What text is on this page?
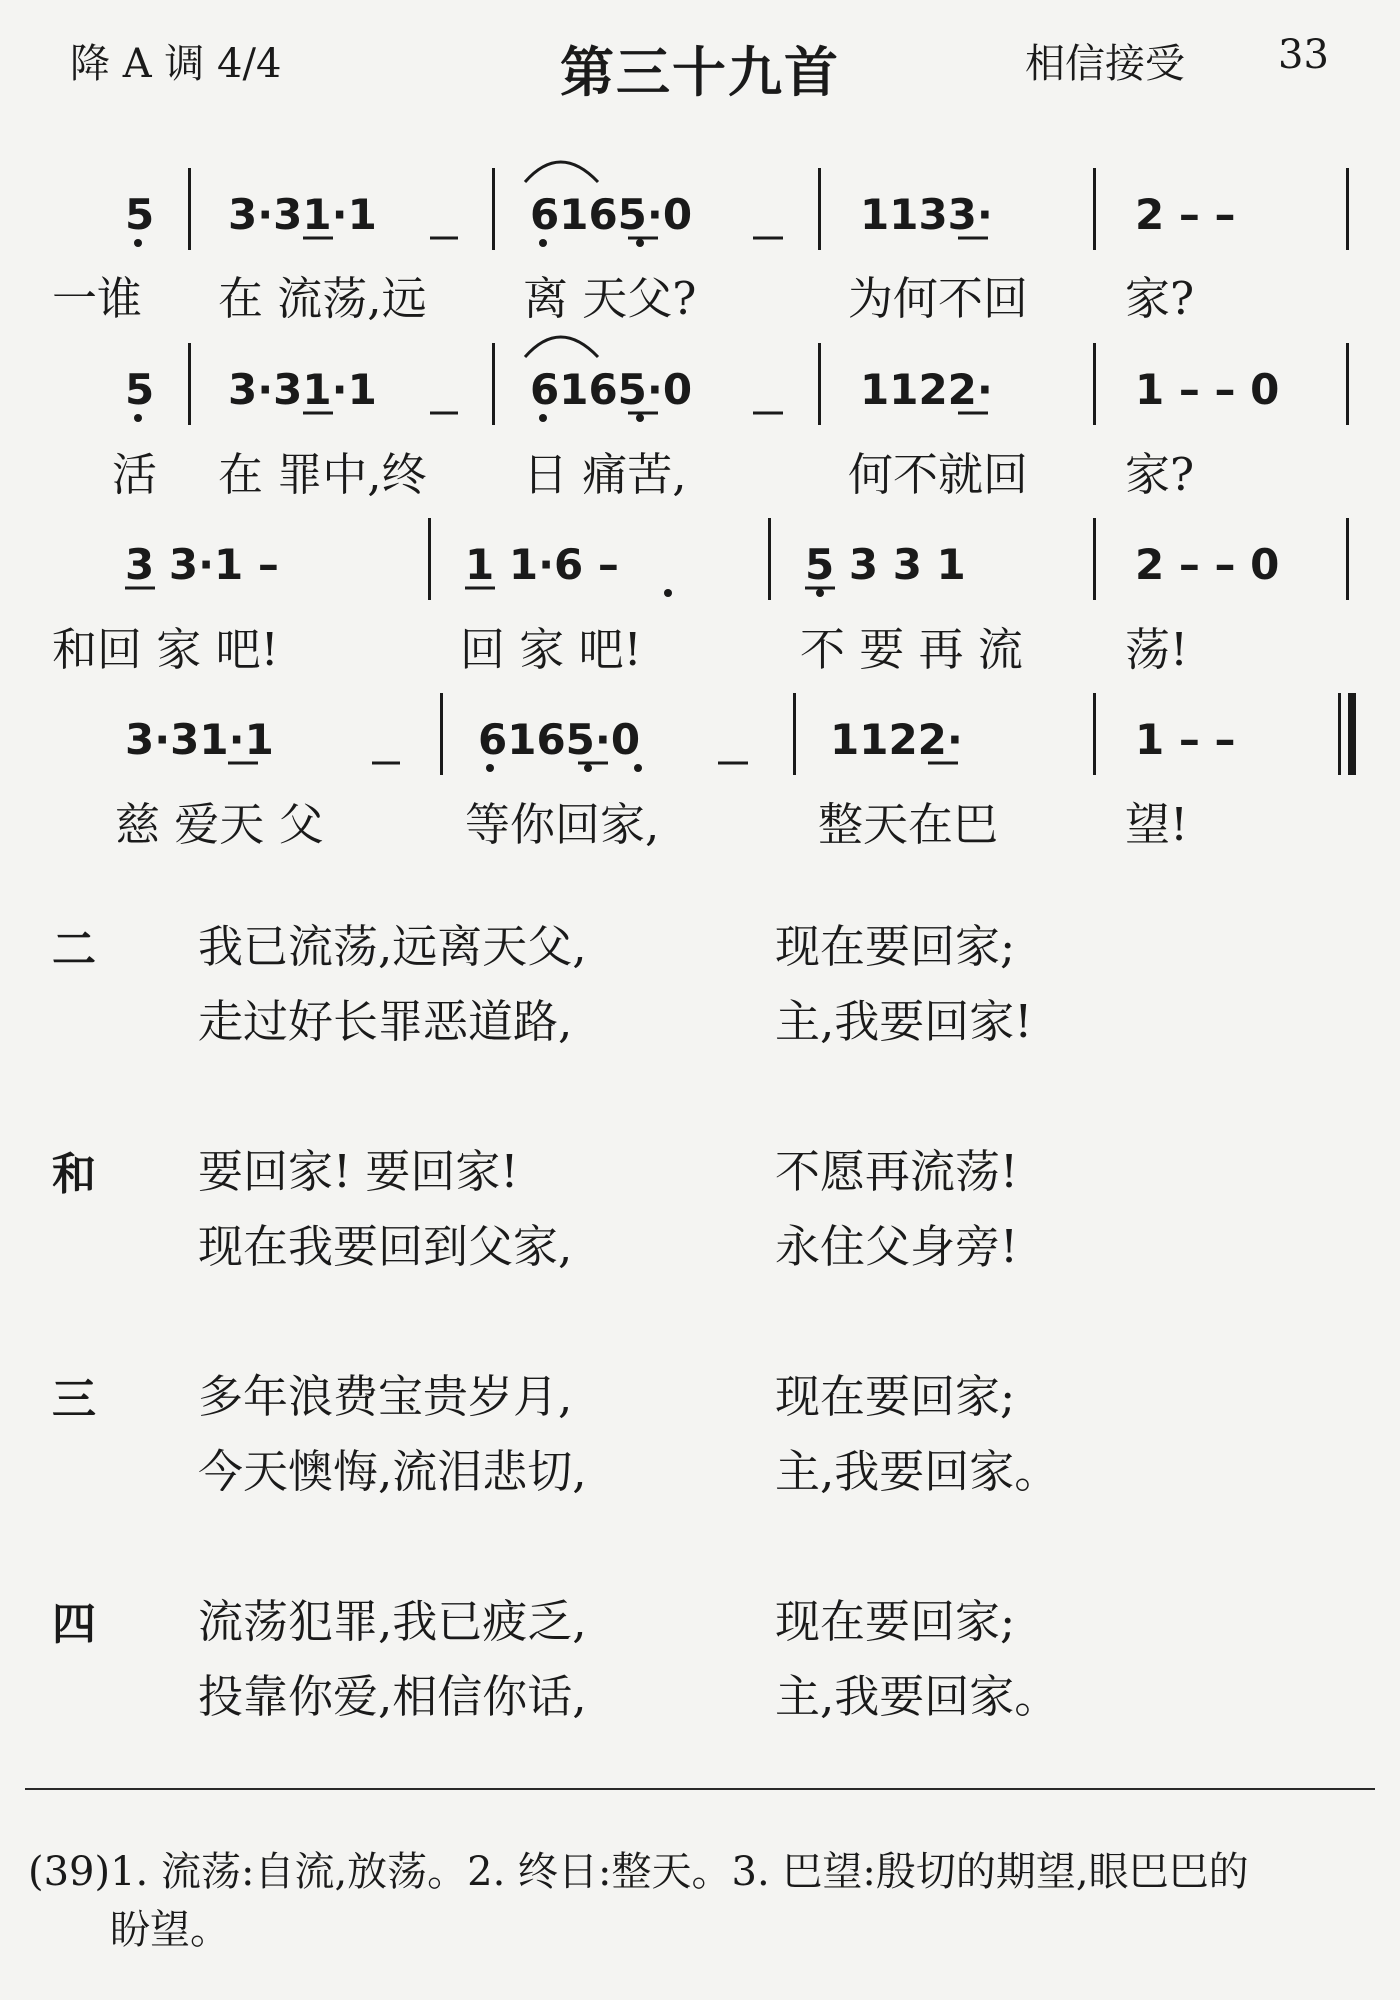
降 A 调 4/4	第三十九首	相信接受 33
5 3·31·1	6165·0	1133·	2 – –
一谁 在 流荡,远 离 天父?	为何不回 家?
5 3·31·1	6165·0	1122·	1 – – 0
活 在 罪中,终 日 痛苦,	何不就回 家?
3 3·1 –	1 1·6 –	5 3 3 1	2 – – 0
和回 家 吧!	回 家 吧!	不 要 再 流 荡!
3·31·1	6165·0	1122·	1 – –
慈 爱天 父	等你回家,	整天在巴	望!
二 我已流荡,远离天父,	现在要回家;
走过好长罪恶道路,	主,我要回家!
和 要回家! 要回家!	不愿再流荡!
现在我要回到父家,	永住父身旁!
三 多年浪费宝贵岁月,	现在要回家;
今天懊悔,流泪悲切,	主,我要回家。
四 流荡犯罪,我已疲乏,	现在要回家;
投靠你爱,相信你话,	主,我要回家。
(39)1. 流荡:自流,放荡。2. 终日:整天。3. 巴望:殷切的期望,眼巴巴的
盼望。
